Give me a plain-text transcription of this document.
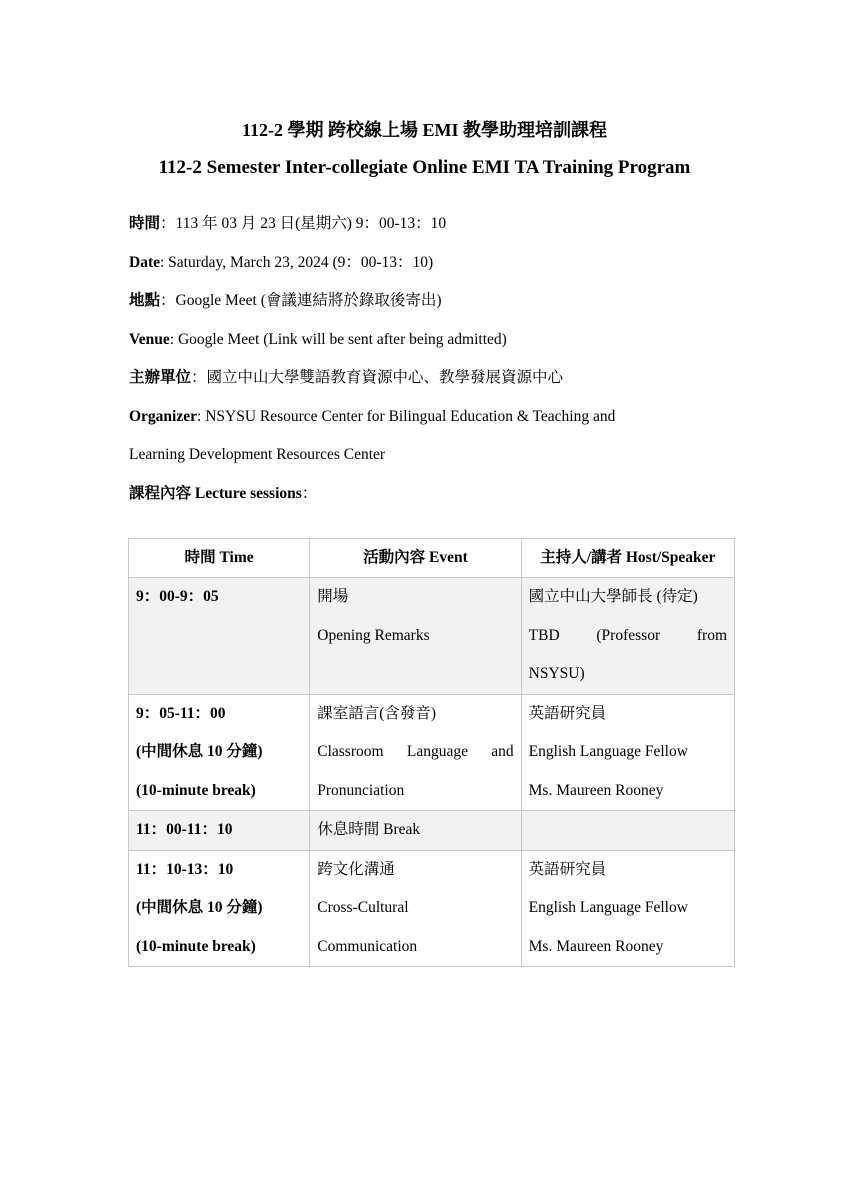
112-2 學期 跨校線上場 EMI 教學助理培訓課程
112-2 Semester Inter-collegiate Online EMI TA Training Program
時間：113 年 03 月 23 日(星期六) 9：00-13：10
Date: Saturday, March 23, 2024 (9：00-13：10)
地點：Google Meet (會議連結將於錄取後寄出)
Venue: Google Meet (Link will be sent after being admitted)
主辦單位：國立中山大學雙語教育資源中心、教學發展資源中心
Organizer: NSYSU Resource Center for Bilingual Education & Teaching and
Learning Development Resources Center
課程內容 Lecture sessions：
時間 Time	活動內容 Event	主持人/講者 Host/Speaker

9：00-9：05	開場
Opening Remarks	國立中山大學師長 (待定)
TBD (Professor from
NSYSU)

9：05-11：00
(中間休息 10 分鐘)
(10-minute break)	課室語言(含發音)
Classroom Language and
Pronunciation	英語研究員
English Language Fellow
Ms. Maureen Rooney

11：00-11：10	休息時間 Break	

11：10-13：10
(中間休息 10 分鐘)
(10-minute break)	跨文化溝通
Cross-Cultural
Communication	英語研究員
English Language Fellow
Ms. Maureen Rooney
